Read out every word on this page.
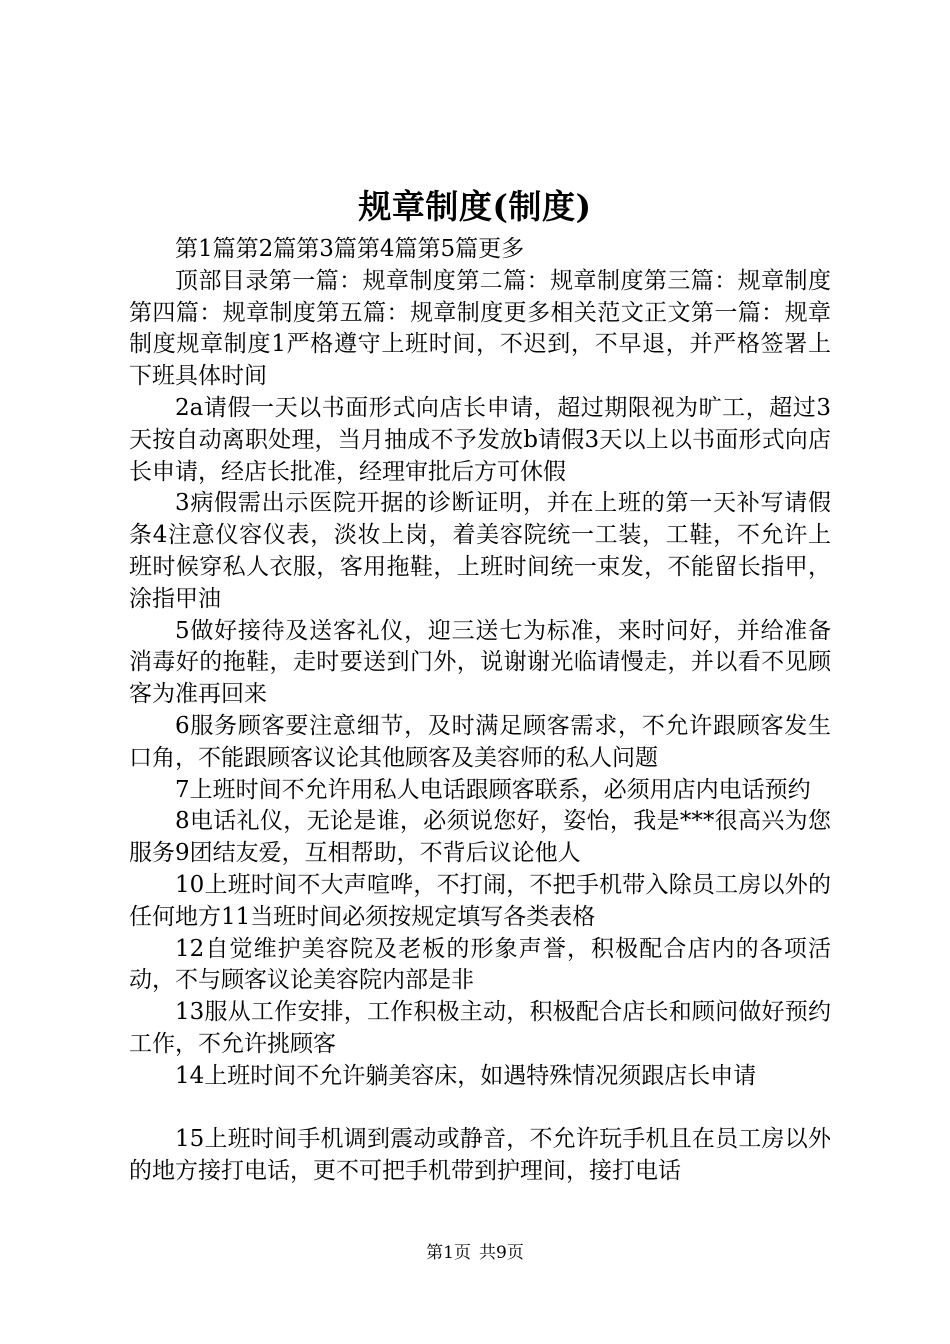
规章制度(制度)

第1篇第2篇第3篇第4篇第5篇更多

顶部目录第一篇：规章制度第二篇：规章制度第三篇：规章制度第四篇：规章制度第五篇：规章制度更多相关范文正文第一篇：规章制度规章制度1严格遵守上班时间，不迟到，不早退，并严格签署上下班具体时间

2a请假一天以书面形式向店长申请，超过期限视为旷工，超过3天按自动离职处理，当月抽成不予发放b请假3天以上以书面形式向店长申请，经店长批准，经理审批后方可休假

3病假需出示医院开据的诊断证明，并在上班的第一天补写请假条4注意仪容仪表，淡妆上岗，着美容院统一工装，工鞋，不允许上班时候穿私人衣服，客用拖鞋，上班时间统一束发，不能留长指甲，涂指甲油

5做好接待及送客礼仪，迎三送七为标准，来时问好，并给准备消毒好的拖鞋，走时要送到门外，说谢谢光临请慢走，并以看不见顾客为准再回来

6服务顾客要注意细节，及时满足顾客需求，不允许跟顾客发生口角，不能跟顾客议论其他顾客及美容师的私人问题

7上班时间不允许用私人电话跟顾客联系，必须用店内电话预约

8电话礼仪，无论是谁，必须说您好，姿怡，我是***很高兴为您服务9团结友爱，互相帮助，不背后议论他人

10上班时间不大声喧哗，不打闹，不把手机带入除员工房以外的任何地方11当班时间必须按规定填写各类表格

12自觉维护美容院及老板的形象声誉，积极配合店内的各项活动，不与顾客议论美容院内部是非

13服从工作安排，工作积极主动，积极配合店长和顾问做好预约工作，不允许挑顾客

14上班时间不允许躺美容床，如遇特殊情况须跟店长申请

15上班时间手机调到震动或静音，不允许玩手机且在员工房以外的地方接打电话，更不可把手机带到护理间，接打电话

第1页 共9页
